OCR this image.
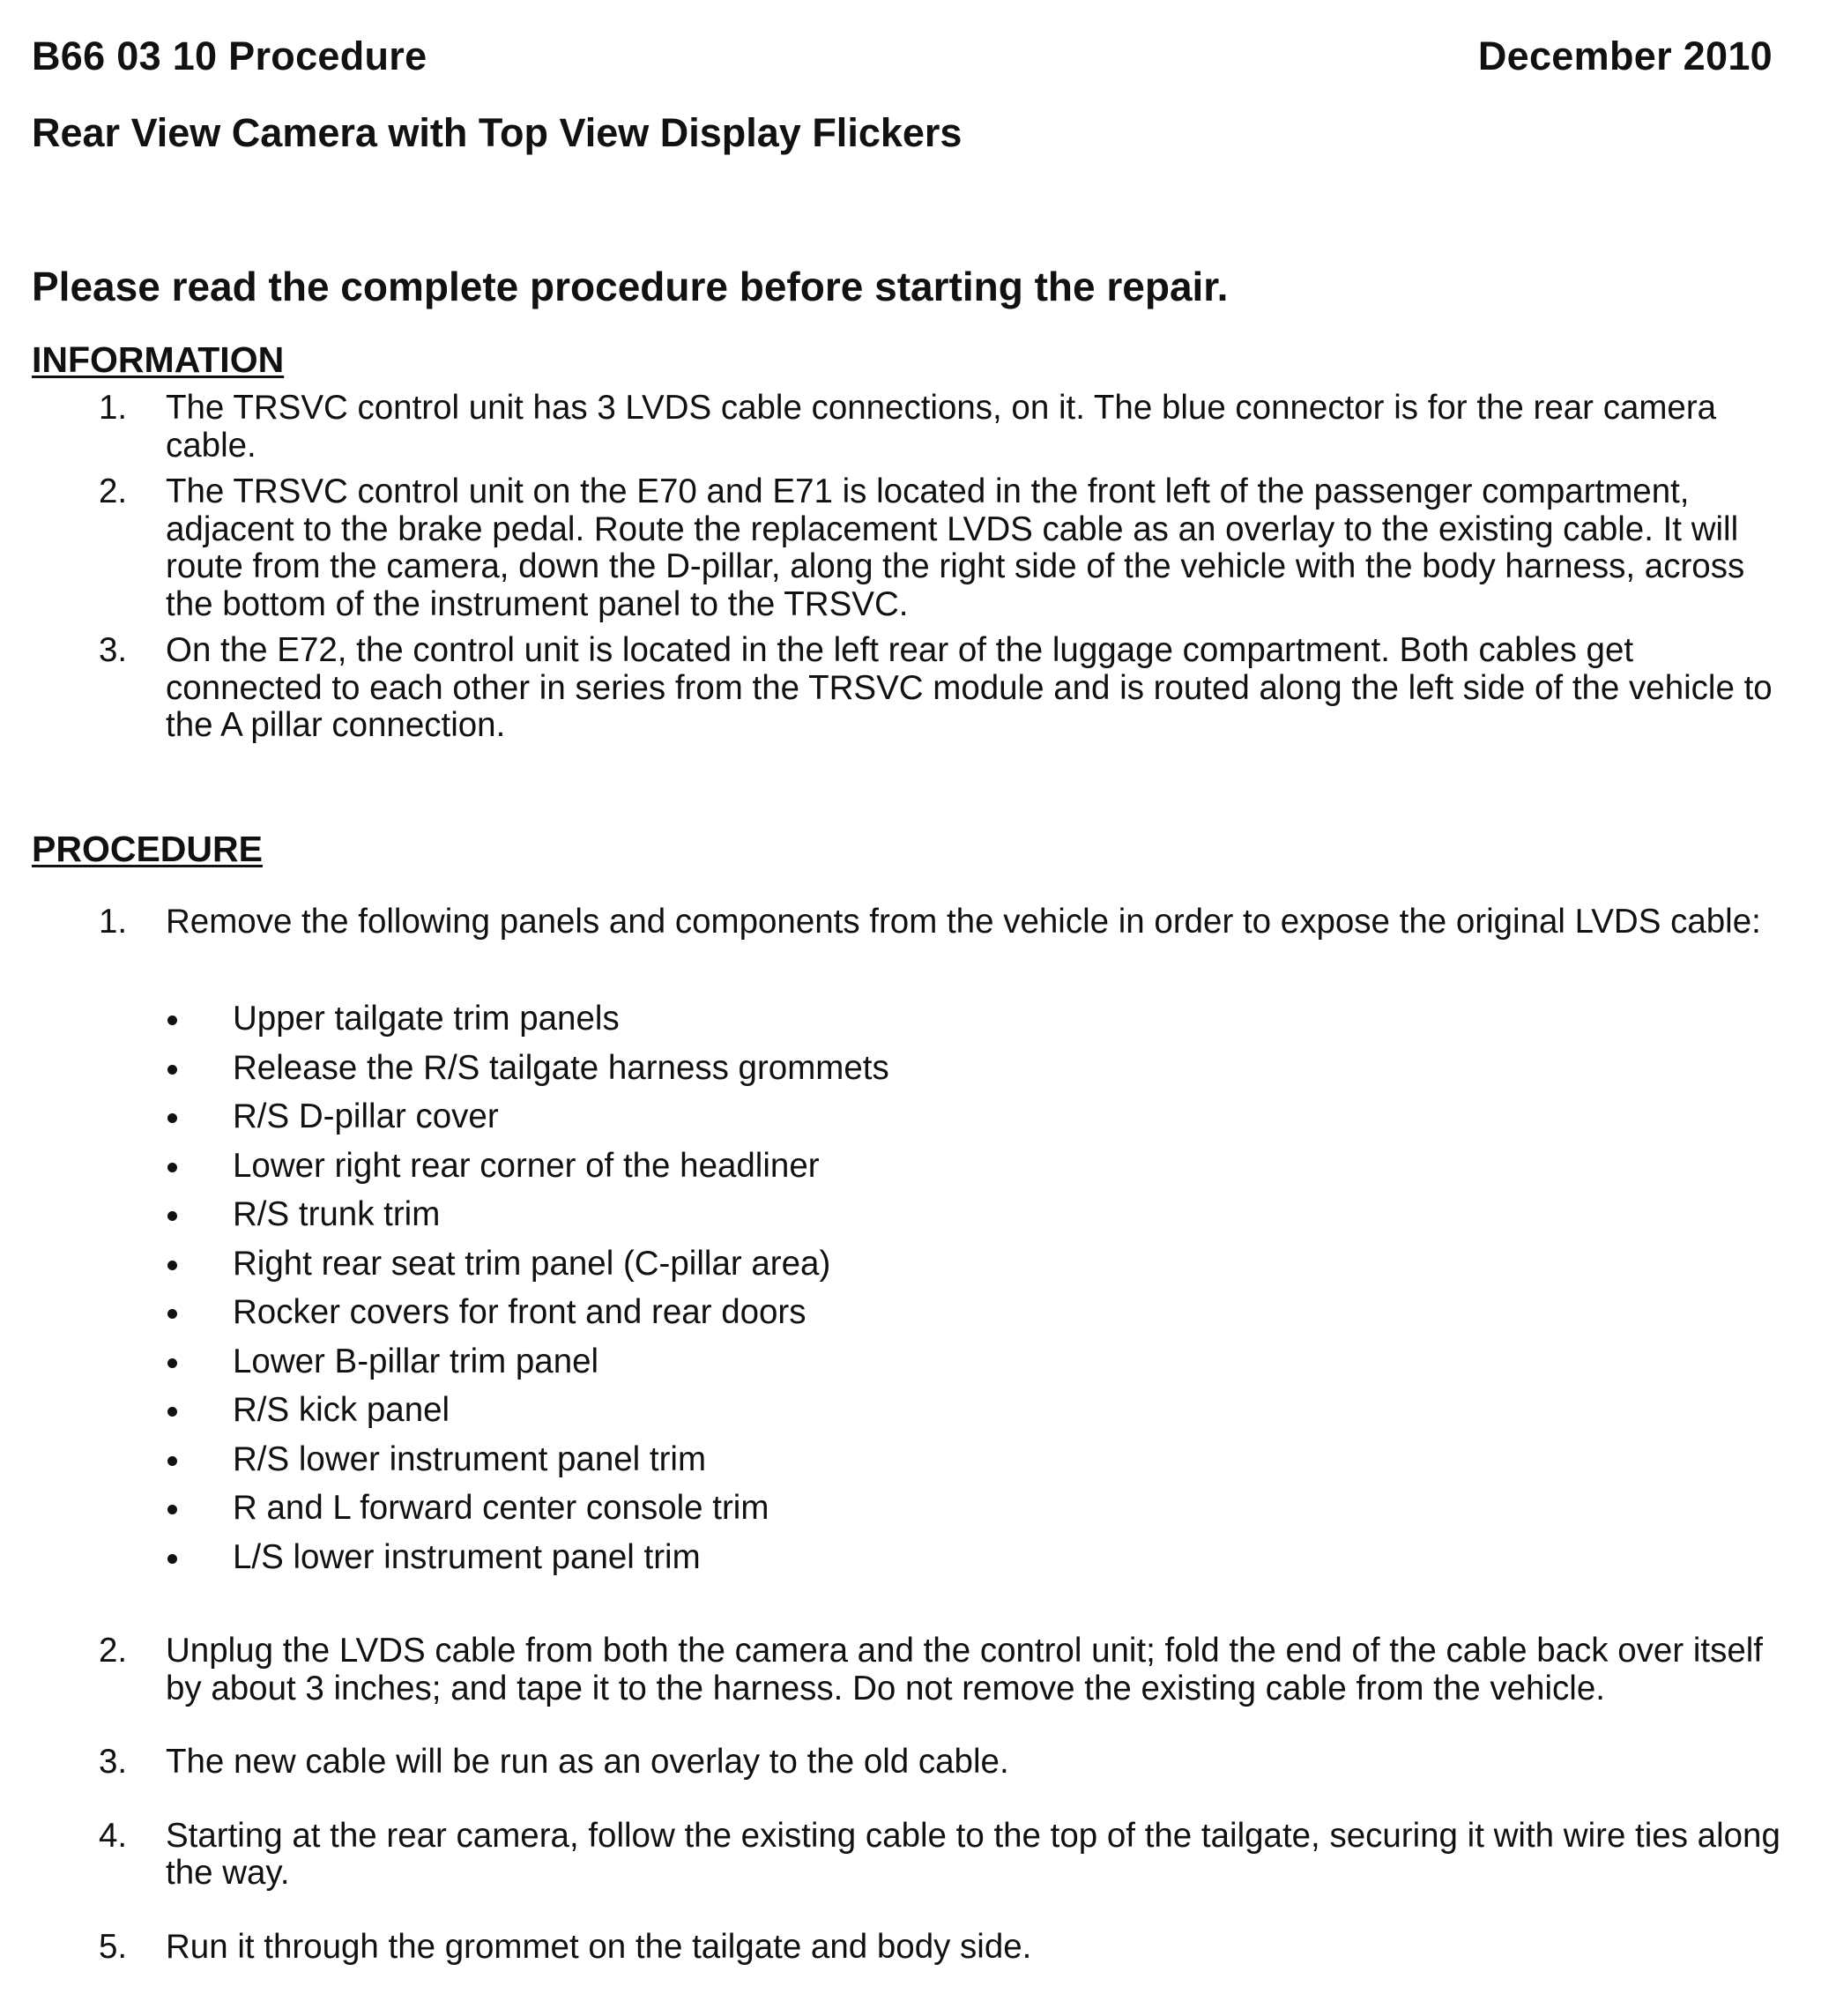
B66 03 10 Procedure	December 2010
Rear View Camera with Top View Display Flickers
Please read the complete procedure before starting the repair.
INFORMATION
1. The TRSVC control unit has 3 LVDS cable connections, on it. The blue connector is for the rear camera cable.
2. The TRSVC control unit on the E70 and E71 is located in the front left of the passenger compartment, adjacent to the brake pedal. Route the replacement LVDS cable as an overlay to the existing cable. It will route from the camera, down the D-pillar, along the right side of the vehicle with the body harness, across the bottom of the instrument panel to the TRSVC.
3. On the E72, the control unit is located in the left rear of the luggage compartment. Both cables get connected to each other in series from the TRSVC module and is routed along the left side of the vehicle to the A pillar connection.
PROCEDURE
1. Remove the following panels and components from the vehicle in order to expose the original LVDS cable:
Upper tailgate trim panels
Release the R/S tailgate harness grommets
R/S D-pillar cover
Lower right rear corner of the headliner
R/S trunk trim
Right rear seat trim panel (C-pillar area)
Rocker covers for front and rear doors
Lower B-pillar trim panel
R/S kick panel
R/S lower instrument panel trim
R and L forward center console trim
L/S lower instrument panel trim
2. Unplug the LVDS cable from both the camera and the control unit; fold the end of the cable back over itself by about 3 inches; and tape it to the harness. Do not remove the existing cable from the vehicle.
3. The new cable will be run as an overlay to the old cable.
4. Starting at the rear camera, follow the existing cable to the top of the tailgate, securing it with wire ties along the way.
5. Run it through the grommet on the tailgate and body side.
